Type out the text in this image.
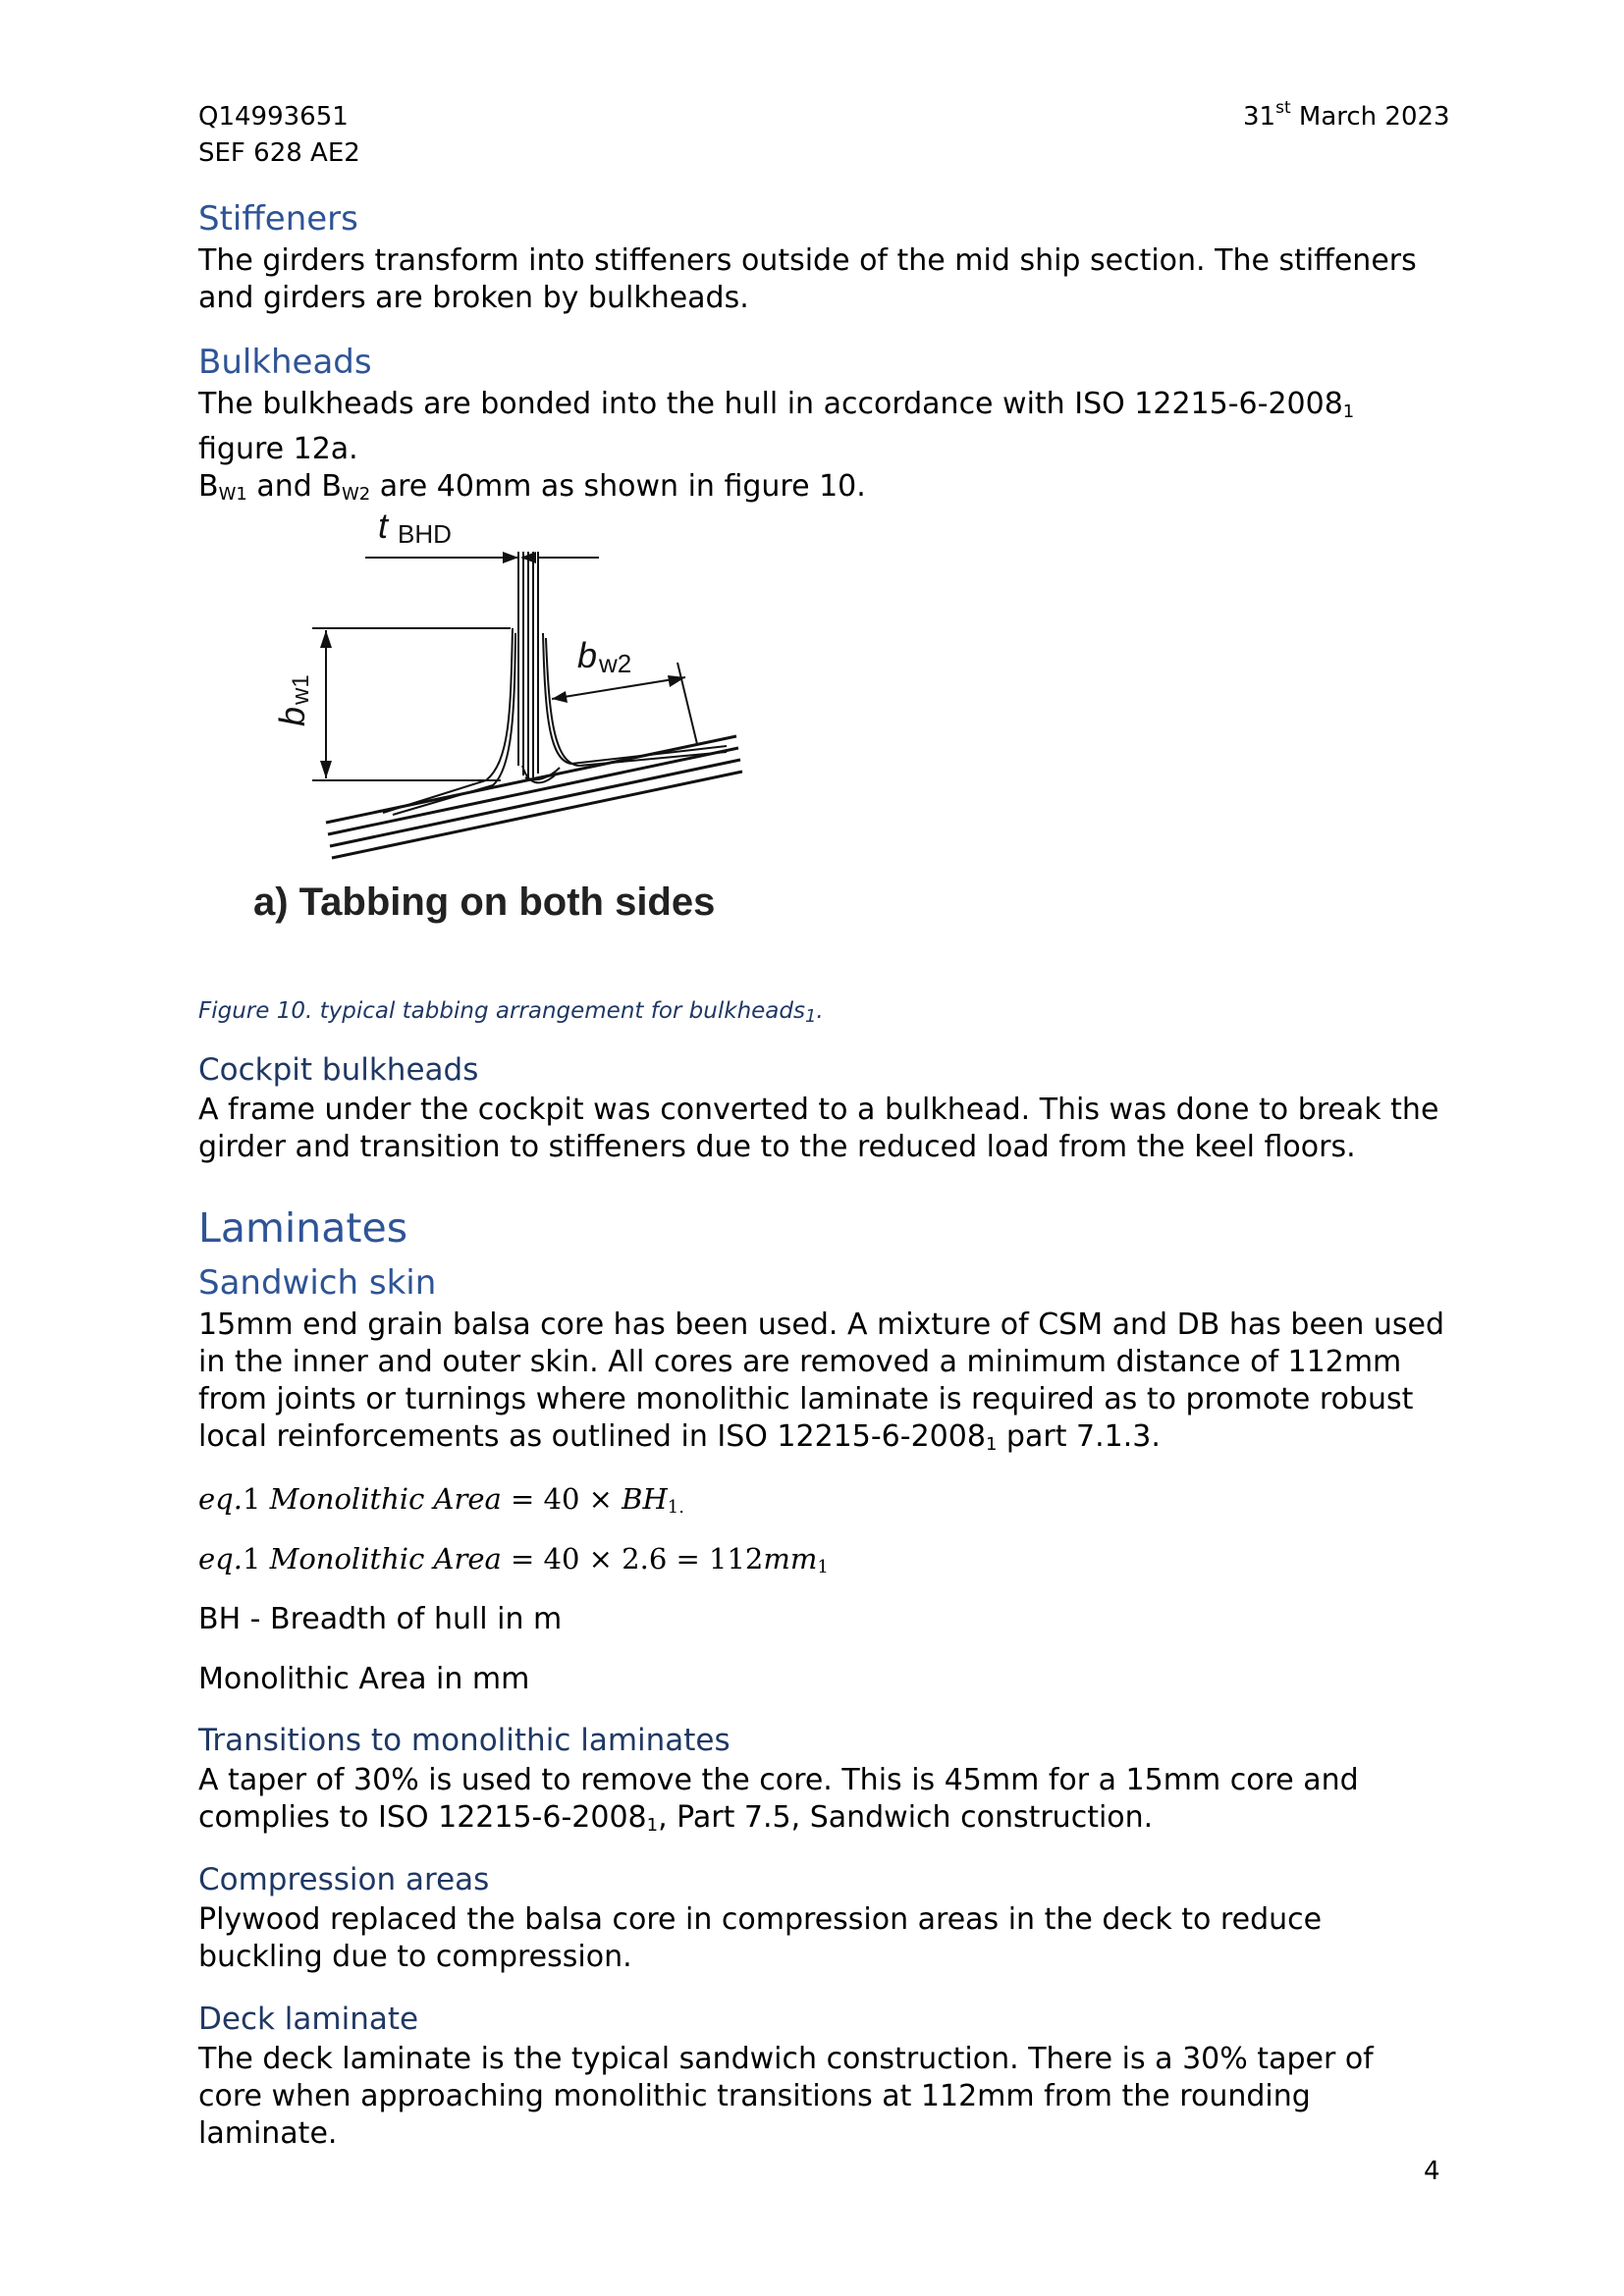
Q14993651
SEF 628 AE2
31st March 2023
Stiffeners

The girders transform into stiffeners outside of the mid ship section. The stiffeners and girders are broken by bulkheads.

Bulkheads

The bulkheads are bonded into the hull in accordance with ISO $12215-6-2008_1$ figure 12a.
$B_{W1}$ and $B_{W2}$ are 40mm as shown in figure 10.

t BHD
b
w1
b w2
a) Tabbing on both sides
Figure 10. typical tabbing arrangement for bulkheads$_1$.
Cockpit bulkheads

A frame under the cockpit was converted to a bulkhead. This was done to break the girder and transition to stiffeners due to the reduced load from the keel floors.

Laminates
Sandwich skin

15mm end grain balsa core has been used. A mixture of CSM and DB has been used in the inner and outer skin. All cores are removed a minimum distance of 112mm from joints or turnings where monolithic laminate is required as to promote robust local reinforcements as outlined in ISO $12215-6-2008_1$ part 7.1.3.

eq.1 Monolithic Area = $40 \times BH_{1.}$
eq.1 Monolithic Area = $40 \times 2.6 = 112mm_1$

BH - Breadth of hull in m

Monolithic Area in mm

Transitions to monolithic laminates

A taper of 30% is used to remove the core. This is 45mm for a 15mm core and complies to ISO $12215-6-2008_1$, Part 7.5, Sandwich construction.

Compression areas

Plywood replaced the balsa core in compression areas in the deck to reduce buckling due to compression.

Deck laminate

The deck laminate is the typical sandwich construction. There is a 30% taper of core when approaching monolithic transitions at 112mm from the rounding laminate.

4
